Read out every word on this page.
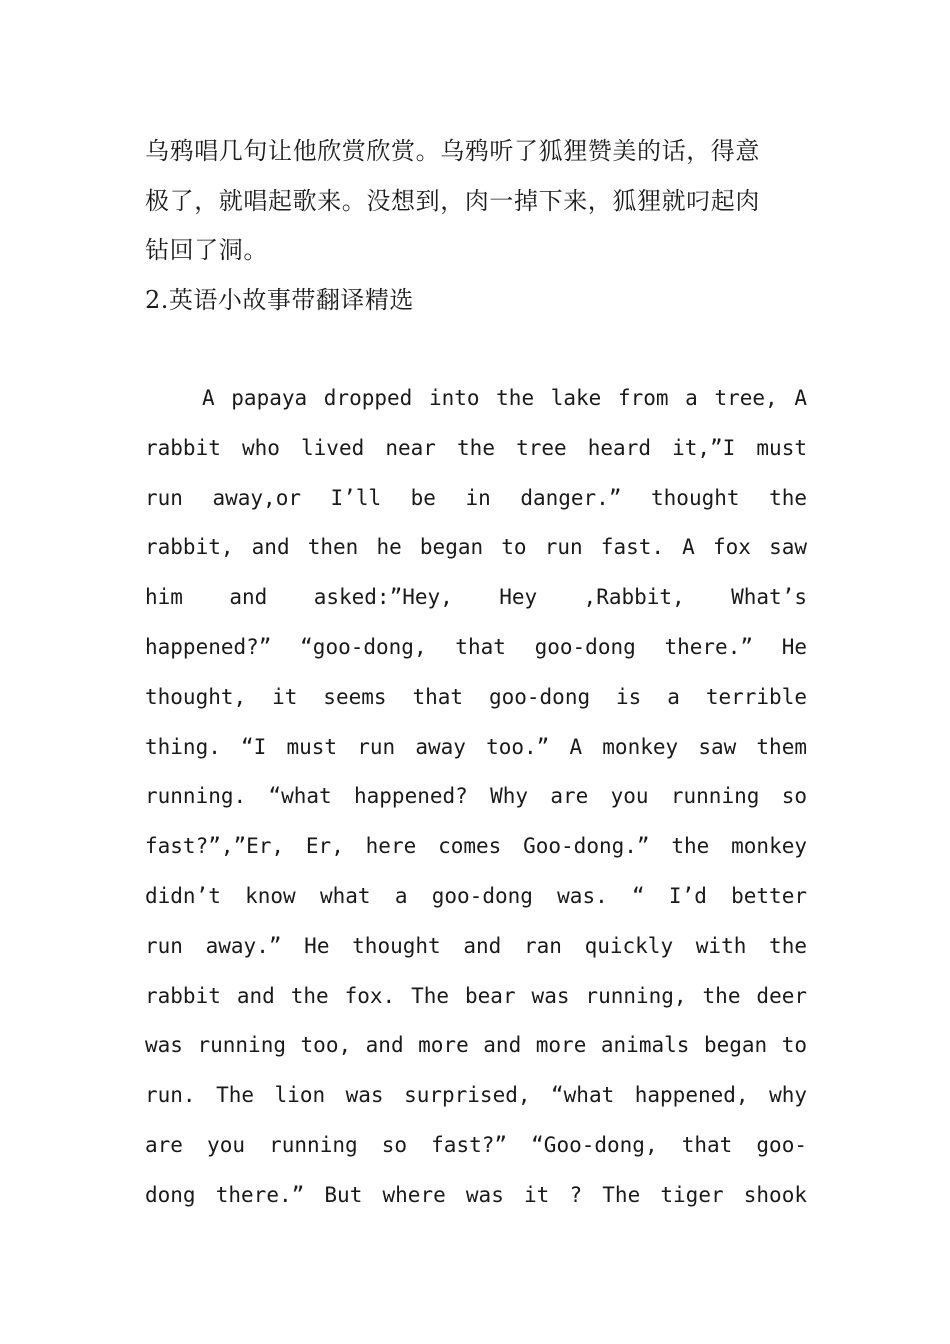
乌鸦唱几句让他欣赏欣赏。乌鸦听了狐狸赞美的话，得意
极了，就唱起歌来。没想到，肉一掉下来，狐狸就叼起肉
钻回了洞。
2.英语小故事带翻译精选
A papaya dropped into the lake from a tree, A
rabbit who lived near the tree heard it,”I must
run away,or I’ll be in danger.” thought the
rabbit, and then he began to run fast. A fox saw
him and asked:”Hey, Hey ,Rabbit, What’s
happened?” “goo-dong, that goo-dong there.” He
thought, it seems that goo-dong is a terrible
thing. “I must run away too.” A monkey saw them
running. “what happened? Why are you running so
fast?”,”Er, Er, here comes Goo-dong.” the monkey
didn’t know what a goo-dong was. “ I’d better
run away.” He thought and ran quickly with the
rabbit and the fox. The bear was running, the deer
was running too, and more and more animals began to
run. The lion was surprised, “what happened, why
are you running so fast?” “Goo-dong, that goo-
dong there.” But where was it ? The tiger shook
